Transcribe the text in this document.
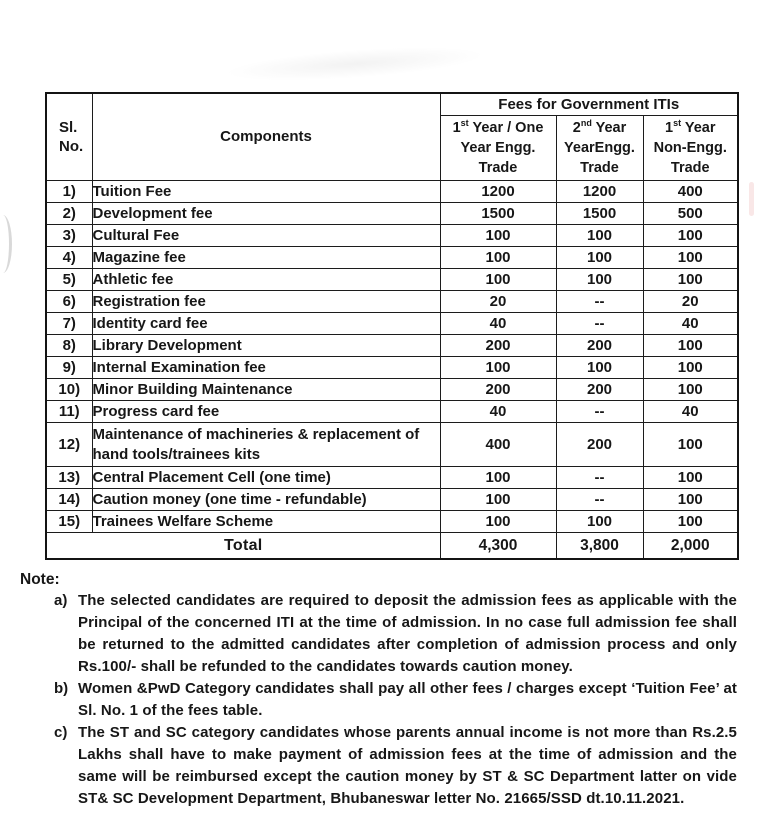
Sl.
No.	Components	Fees for Government ITIs		

1st Year / One
Year Engg.
Trade

2nd Year
YearEngg.
Trade

1st Year
Non-Engg.
Trade

1)	Tuition Fee	1200	1200	400
2)	Development fee	1500	1500	500
3)	Cultural Fee	100	100	100
4)	Magazine fee	100	100	100
5)	Athletic fee	100	100	100
6)	Registration fee	20	--	20
7)	Identity card fee	40	--	40
8)	Library Development	200	200	100
9)	Internal Examination fee	100	100	100
10)	Minor Building Maintenance	200	200	100
11)	Progress card fee	40	--	40
12)	Maintenance of machineries & replacement of hand tools/trainees kits	400	200	100
13)	Central Placement Cell (one time)	100	--	100
14)	Caution money (one time - refundable)	100	--	100
15)	Trainees Welfare Scheme	100	100	100
Total		4,300	3,800	2,000
Note:
a) The selected candidates are required to deposit the admission fees as applicable with the Principal of the concerned ITI at the time of admission. In no case full admission fee shall be returned to the admitted candidates after completion of admission process and only Rs.100/- shall be refunded to the candidates towards caution money.
b) Women &PwD Category candidates shall pay all other fees / charges except ‘Tuition Fee’ at Sl. No. 1 of the fees table.
c) The ST and SC category candidates whose parents annual income is not more than Rs.2.5 Lakhs shall have to make payment of admission fees at the time of admission and the same will be reimbursed except the caution money by ST & SC Department latter on vide ST& SC Development Department, Bhubaneswar letter No. 21665/SSD dt.10.11.2021.
